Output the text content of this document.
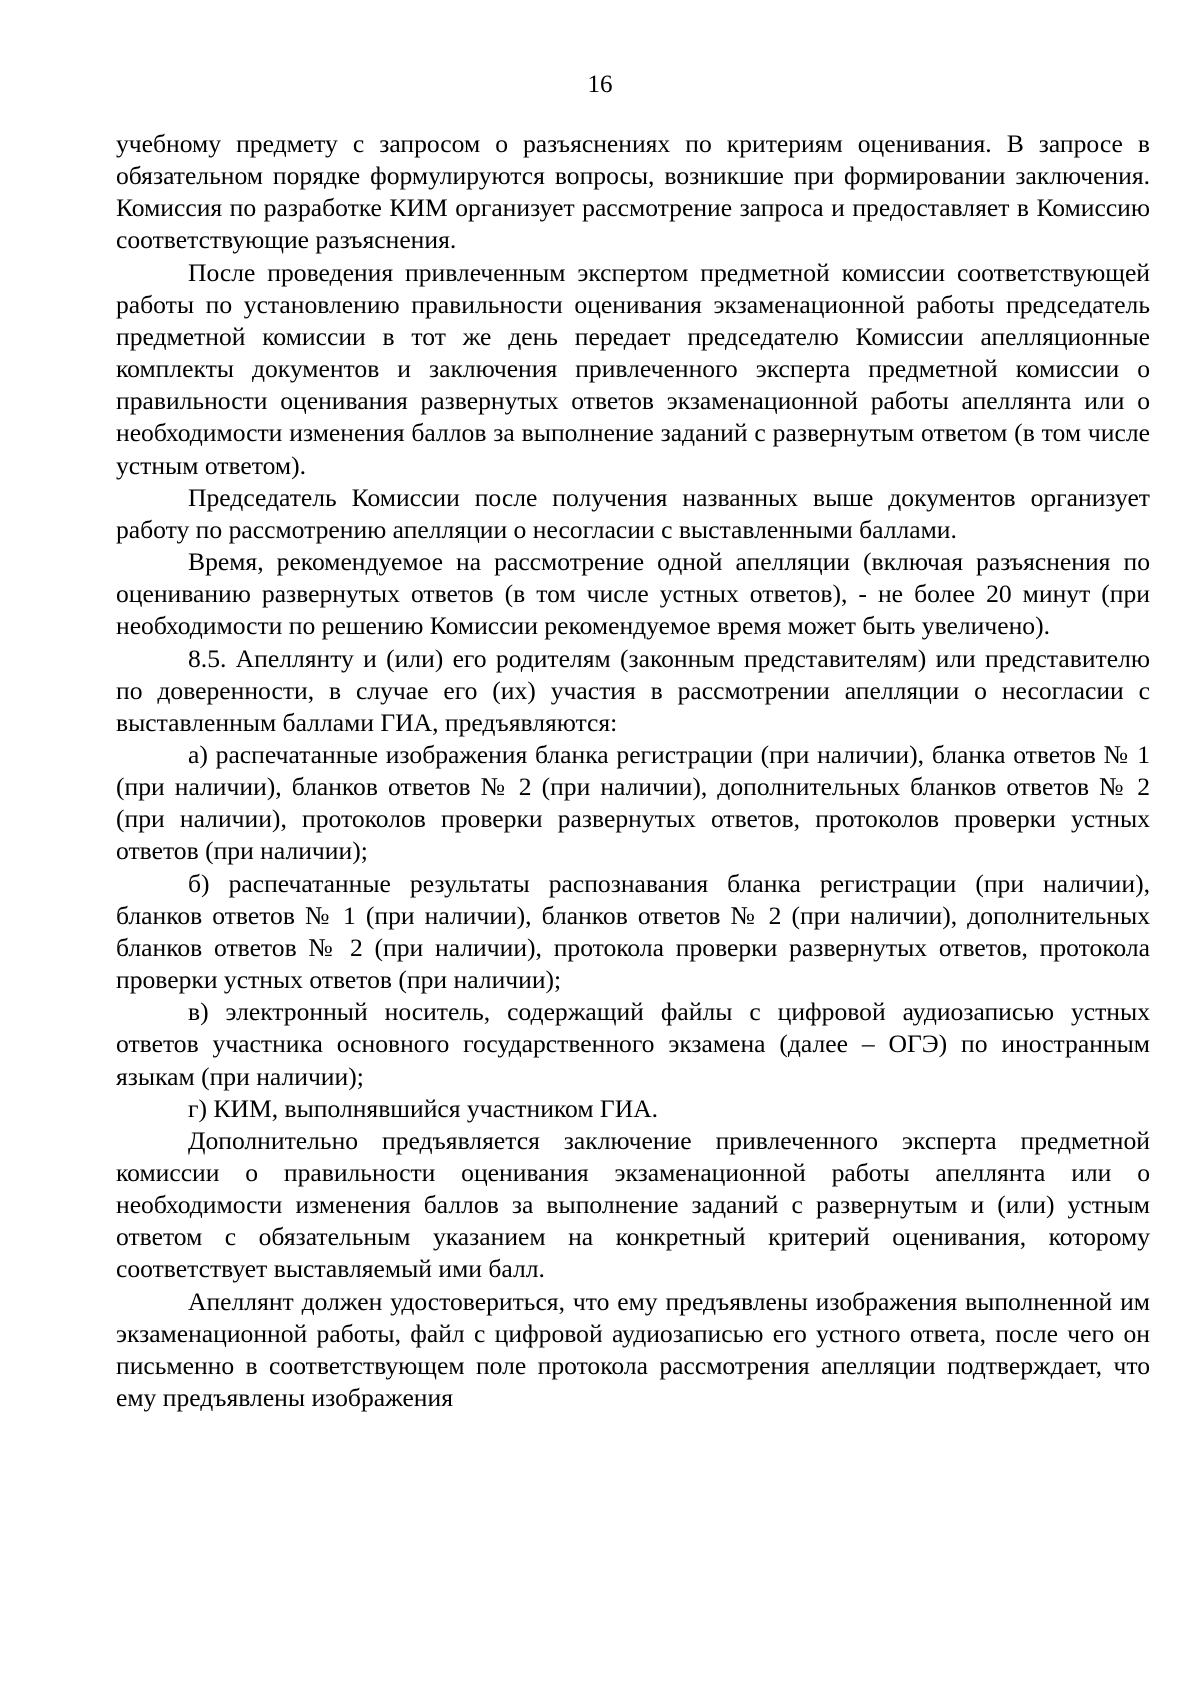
16

учебному предмету с запросом о разъяснениях по критериям оценивания. В запросе в обязательном порядке формулируются вопросы, возникшие при формировании заключения. Комиссия по разработке КИМ организует рассмотрение запроса и предоставляет в Комиссию соответствующие разъяснения.

После проведения привлеченным экспертом предметной комиссии соответствующей работы по установлению правильности оценивания экзаменационной работы председатель предметной комиссии в тот же день передает председателю Комиссии апелляционные комплекты документов и заключения привлеченного эксперта предметной комиссии о правильности оценивания развернутых ответов экзаменационной работы апеллянта или о необходимости изменения баллов за выполнение заданий с развернутым ответом (в том числе устным ответом).

Председатель Комиссии после получения названных выше документов организует работу по рассмотрению апелляции о несогласии с выставленными баллами.

Время, рекомендуемое на рассмотрение одной апелляции (включая разъяснения по оцениванию развернутых ответов (в том числе устных ответов), - не более 20 минут (при необходимости по решению Комиссии рекомендуемое время может быть увеличено).

8.5. Апеллянту и (или) его родителям (законным представителям) или представителю по доверенности, в случае его (их) участия в рассмотрении апелляции о несогласии с выставленным баллами ГИА, предъявляются:

а) распечатанные изображения бланка регистрации (при наличии), бланка ответов № 1 (при наличии), бланков ответов № 2 (при наличии), дополнительных бланков ответов № 2 (при наличии), протоколов проверки развернутых ответов, протоколов проверки устных ответов (при наличии);

б) распечатанные результаты распознавания бланка регистрации (при наличии), бланков ответов № 1 (при наличии), бланков ответов № 2 (при наличии), дополнительных бланков ответов № 2 (при наличии), протокола проверки развернутых ответов, протокола проверки устных ответов (при наличии);

в) электронный носитель, содержащий файлы с цифровой аудиозаписью устных ответов участника основного государственного экзамена (далее – ОГЭ) по иностранным языкам (при наличии);

г) КИМ, выполнявшийся участником ГИА.

Дополнительно предъявляется заключение привлеченного эксперта предметной комиссии о правильности оценивания экзаменационной работы апеллянта или о необходимости изменения баллов за выполнение заданий с развернутым и (или) устным ответом с обязательным указанием на конкретный критерий оценивания, которому соответствует выставляемый ими балл.

Апеллянт должен удостовериться, что ему предъявлены изображения выполненной им экзаменационной работы, файл с цифровой аудиозаписью его устного ответа, после чего он письменно в соответствующем поле протокола рассмотрения апелляции подтверждает, что ему предъявлены изображения
